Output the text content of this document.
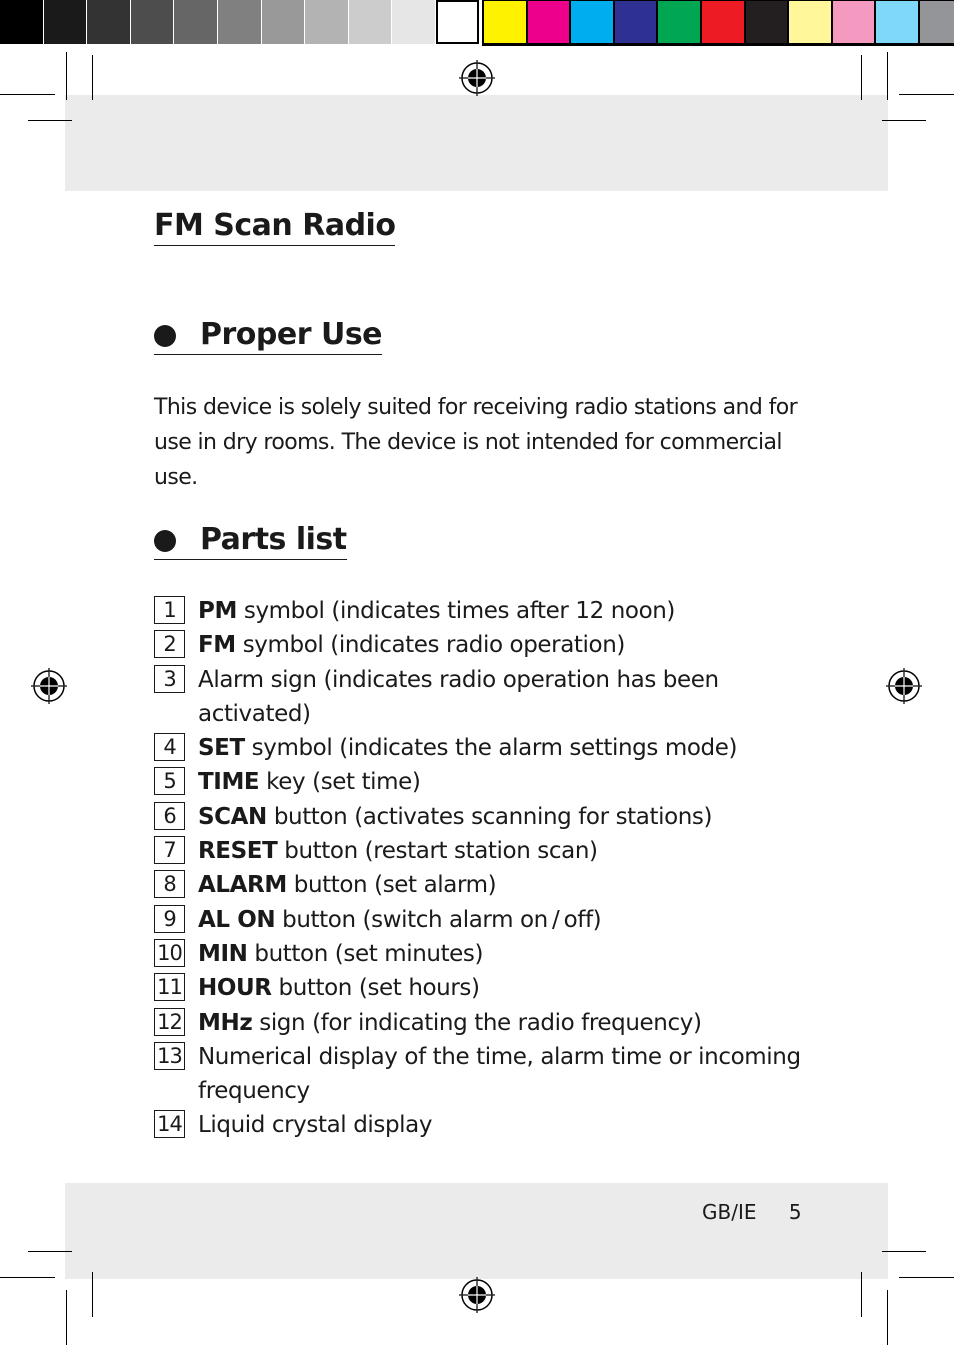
FM Scan Radio
Proper Use

This device is solely suited for receiving radio stations and for use in dry rooms. The device is not intended for commercial use.

Parts list
1 PM symbol (indicates times after 12 noon)
2 FM symbol (indicates radio operation)
3 Alarm sign (indicates radio operation has been activated)
4 SET symbol (indicates the alarm settings mode)
5 TIME key (set time)
6 SCAN button (activates scanning for stations)
7 RESET button (restart station scan)
8 ALARM button (set alarm)
9 AL ON button (switch alarm on / off)
10 MIN button (set minutes)
11 HOUR button (set hours)
12 MHz sign (for indicating the radio frequency)
13 Numerical display of the time, alarm time or incoming frequency
14 Liquid crystal display
GB/IE 5
